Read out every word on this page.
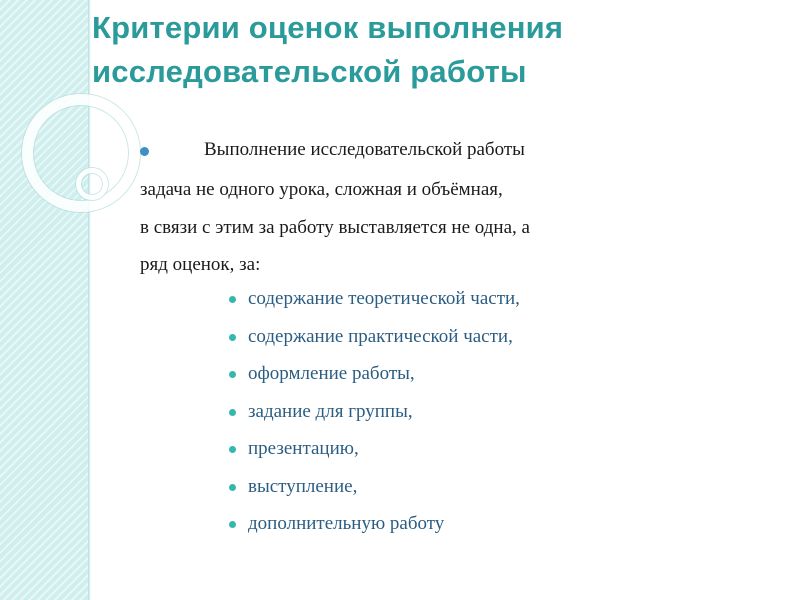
Критерии оценок выполнения
исследовательской работы
Выполнение исследовательской работы
задача не одного урока, сложная и объёмная,
в связи с этим за работу выставляется не одна, а
ряд оценок, за:
содержание теоретической части,
содержание практической части,
оформление работы,
задание для группы,
презентацию,
выступление,
дополнительную работу
